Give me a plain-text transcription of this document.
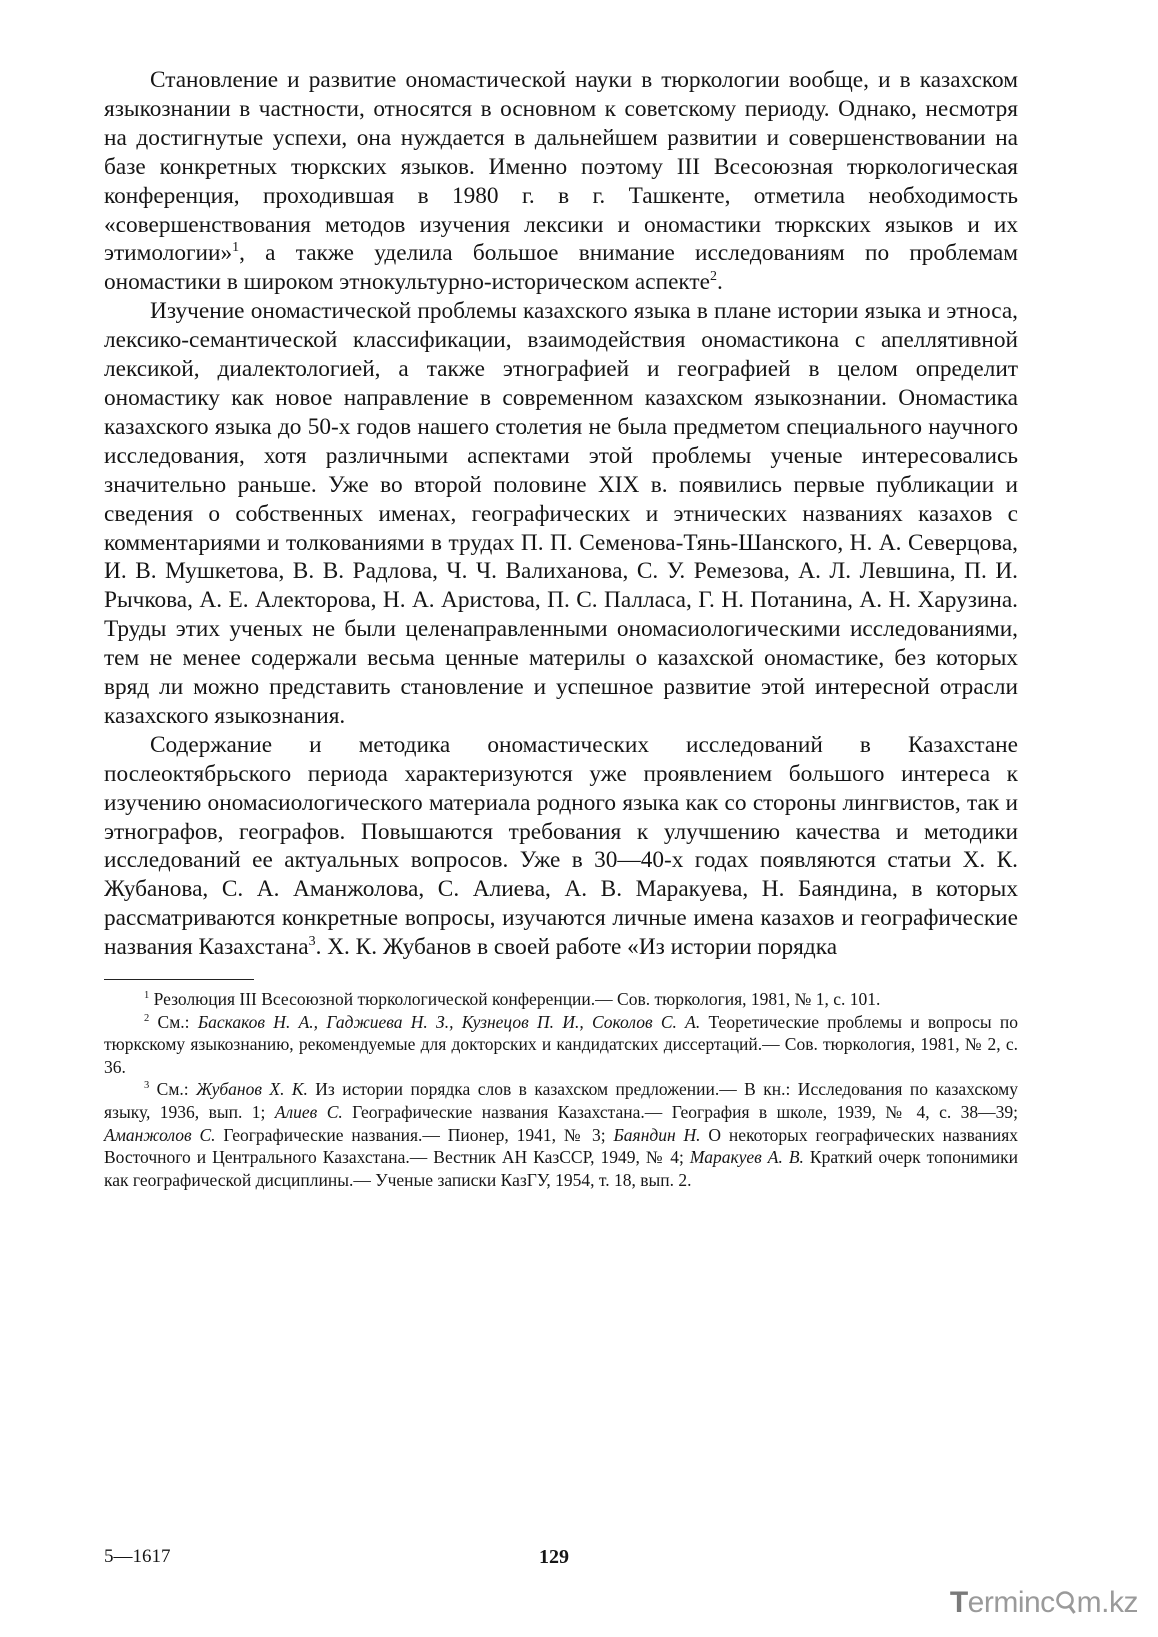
Становление и развитие ономастической науки в тюркологии вообще, и в казахском языкознании в частности, относятся в основном к советскому периоду. Однако, несмотря на достигнутые успехи, она нуждается в дальнейшем развитии и совершенствовании на базе конкретных тюркских языков. Именно поэтому III Всесоюзная тюркологическая конференция, проходившая в 1980 г. в г. Ташкенте, отметила необходимость «совершенствования методов изучения лексики и ономастики тюркских языков и их этимологии»$^1$, а также уделила большое внимание исследованиям по проблемам ономастики в широком этнокультурно-историческом аспекте$^2$.

Изучение ономастической проблемы казахского языка в плане истории языка и этноса, лексико-семантической классификации, взаимодействия ономастикона с апеллятивной лексикой, диалектологией, а также этнографией и географией в целом определит ономастику как новое направление в современном казахском языкознании. Ономастика казахского языка до 50-х годов нашего столетия не была предметом специального научного исследования, хотя различными аспектами этой проблемы ученые интересовались значительно раньше. Уже во второй половине XIX в. появились первые публикации и сведения о собственных именах, географических и этнических названиях казахов с комментариями и толкованиями в трудах П. П. Семенова-Тянь-Шанского, Н. А. Северцова, И. В. Мушкетова, В. В. Радлова, Ч. Ч. Валиханова, С. У. Ремезова, А. Л. Левшина, П. И. Рычкова, А. Е. Алекторова, Н. А. Аристова, П. С. Палласа, Г. Н. Потанина, А. Н. Харузина. Труды этих ученых не были целенаправленными ономасиологическими исследованиями, тем не менее содержали весьма ценные материлы о казахской ономастике, без которых вряд ли можно представить становление и успешное развитие этой интересной отрасли казахского языкознания.

Содержание и методика ономастических исследований в Казахстане послеоктябрьского периода характеризуются уже проявлением большого интереса к изучению ономасиологического материала родного языка как со стороны лингвистов, так и этнографов, географов. Повышаются требования к улучшению качества и методики исследований ее актуальных вопросов. Уже в 30—40-х годах появляются статьи Х. К. Жубанова, С. А. Аманжолова, С. Алиева, А. В. Маракуева, Н. Баяндина, в которых рассматриваются конкретные вопросы, изучаются личные имена казахов и географические названия Казахстана$^3$. Х. К. Жубанов в своей работе «Из истории порядка

$^1$ Резолюция III Всесоюзной тюркологической конференции.— Сов. тюркология, 1981, № 1, с. 101.

$^2$ См.: Баскаков Н. А., Гаджиева Н. З., Кузнецов П. И., Соколов С. А. Теоретические проблемы и вопросы по тюркскому языкознанию, рекомендуемые для докторских и кандидатских диссертаций.— Сов. тюркология, 1981, № 2, с. 36.

$^3$ См.: Жубанов Х. К. Из истории порядка слов в казахском предложении.— В кн.: Исследования по казахскому языку, 1936, вып. 1; Алиев С. Географические названия Казахстана.— География в школе, 1939, № 4, с. 38—39; Аманжолов С. Географические названия.— Пионер, 1941, № 3; Баяндин Н. О некоторых географических названиях Восточного и Центрального Казахстана.— Вестник АН КазССР, 1949, № 4; Маракуев А. В. Краткий очерк топонимики как географической дисциплины.— Ученые записки КазГУ, 1954, т. 18, вып. 2.

5—1617	129

Terminc m.kz
